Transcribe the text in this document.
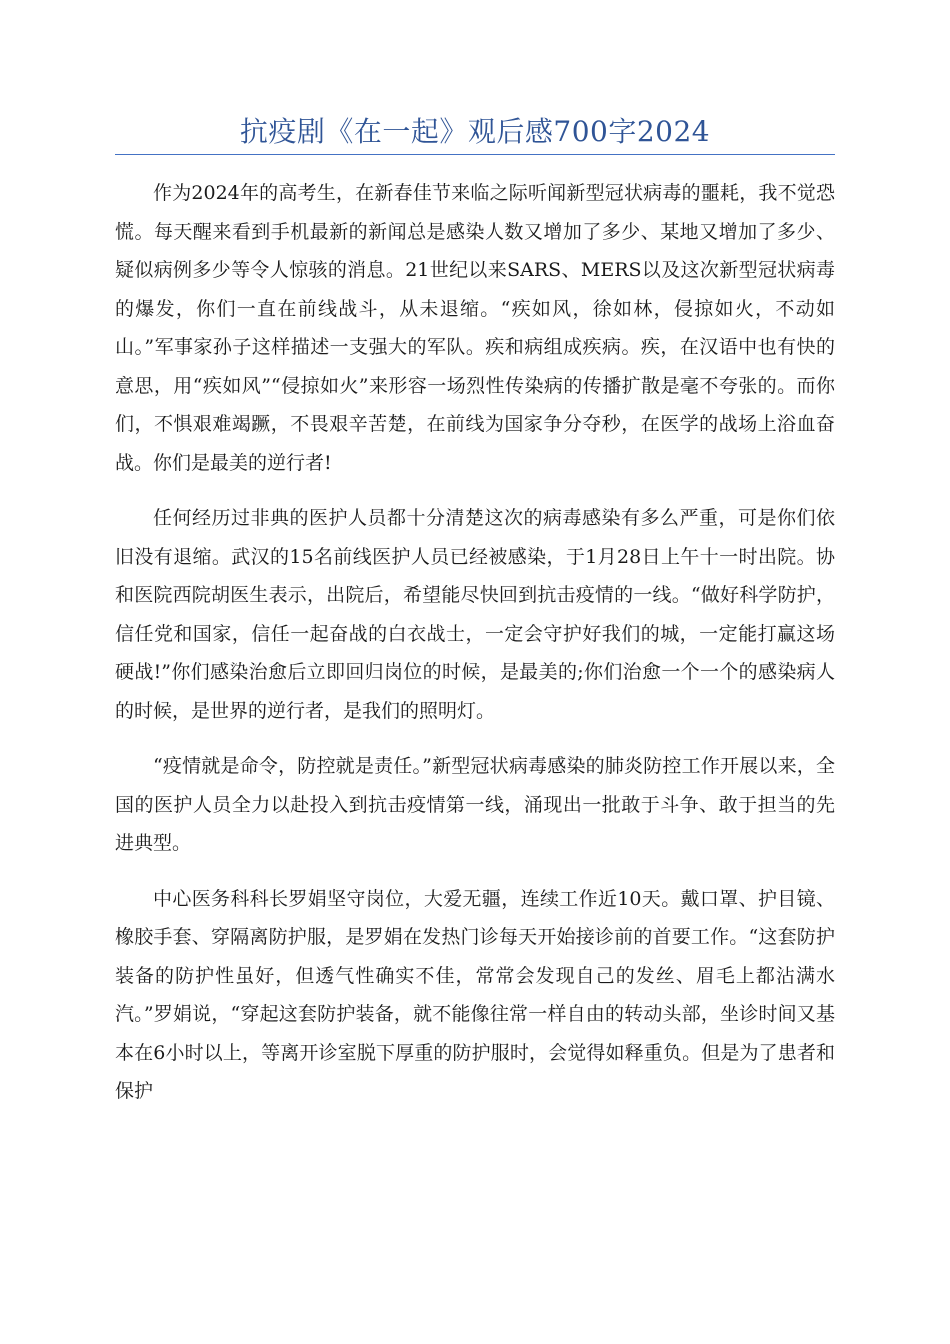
抗疫剧《在一起》观后感700字2024

作为2024年的高考生，在新春佳节来临之际听闻新型冠状病毒的噩耗，我不觉恐慌。每天醒来看到手机最新的新闻总是感染人数又增加了多少、某地又增加了多少、疑似病例多少等令人惊骇的消息。21世纪以来SARS、MERS以及这次新型冠状病毒的爆发，你们一直在前线战斗，从未退缩。“疾如风，徐如林，侵掠如火，不动如山。”军事家孙子这样描述一支强大的军队。疾和病组成疾病。疾，在汉语中也有快的意思，用“疾如风”“侵掠如火”来形容一场烈性传染病的传播扩散是毫不夸张的。而你们，不惧艰难竭蹶，不畏艰辛苦楚，在前线为国家争分夺秒，在医学的战场上浴血奋战。你们是最美的逆行者!

任何经历过非典的医护人员都十分清楚这次的病毒感染有多么严重，可是你们依旧没有退缩。武汉的15名前线医护人员已经被感染，于1月28日上午十一时出院。协和医院西院胡医生表示，出院后，希望能尽快回到抗击疫情的一线。“做好科学防护，信任党和国家，信任一起奋战的白衣战士，一定会守护好我们的城，一定能打赢这场硬战!”你们感染治愈后立即回归岗位的时候，是最美的;你们治愈一个一个的感染病人的时候，是世界的逆行者，是我们的照明灯。

“疫情就是命令，防控就是责任。”新型冠状病毒感染的肺炎防控工作开展以来，全国的医护人员全力以赴投入到抗击疫情第一线，涌现出一批敢于斗争、敢于担当的先进典型。

中心医务科科长罗娟坚守岗位，大爱无疆，连续工作近10天。戴口罩、护目镜、橡胶手套、穿隔离防护服，是罗娟在发热门诊每天开始接诊前的首要工作。“这套防护装备的防护性虽好，但透气性确实不佳，常常会发现自己的发丝、眉毛上都沾满水汽。”罗娟说，“穿起这套防护装备，就不能像往常一样自由的转动头部，坐诊时间又基本在6小时以上，等离开诊室脱下厚重的防护服时，会觉得如释重负。但是为了患者和保护
